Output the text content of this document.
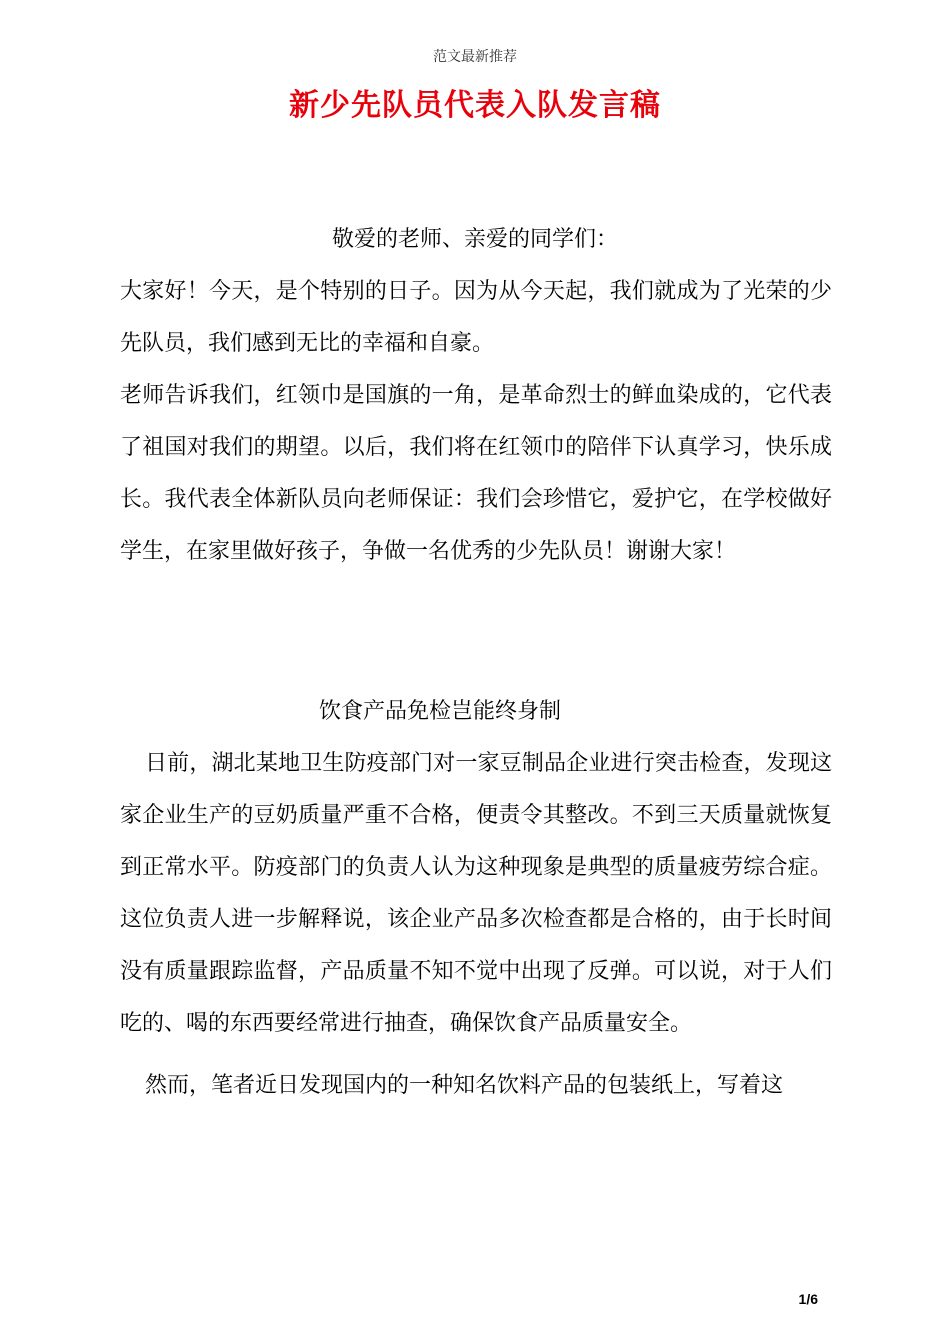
范文最新推荐
新少先队员代表入队发言稿
敬爱的老师、亲爱的同学们：

大家好！今天，是个特别的日子。因为从今天起，我们就成为了光荣的少先队员，我们感到无比的幸福和自豪。

老师告诉我们，红领巾是国旗的一角，是革命烈士的鲜血染成的，它代表了祖国对我们的期望。以后，我们将在红领巾的陪伴下认真学习，快乐成长。我代表全体新队员向老师保证：我们会珍惜它，爱护它，在学校做好学生，在家里做好孩子，争做一名优秀的少先队员！谢谢大家！

饮食产品免检岂能终身制

日前，湖北某地卫生防疫部门对一家豆制品企业进行突击检查，发现这家企业生产的豆奶质量严重不合格，便责令其整改。不到三天质量就恢复到正常水平。防疫部门的负责人认为这种现象是典型的质量疲劳综合症。这位负责人进一步解释说，该企业产品多次检查都是合格的，由于长时间没有质量跟踪监督，产品质量不知不觉中出现了反弹。可以说，对于人们吃的、喝的东西要经常进行抽查，确保饮食产品质量安全。

然而，笔者近日发现国内的一种知名饮料产品的包装纸上，写着这

1/6
